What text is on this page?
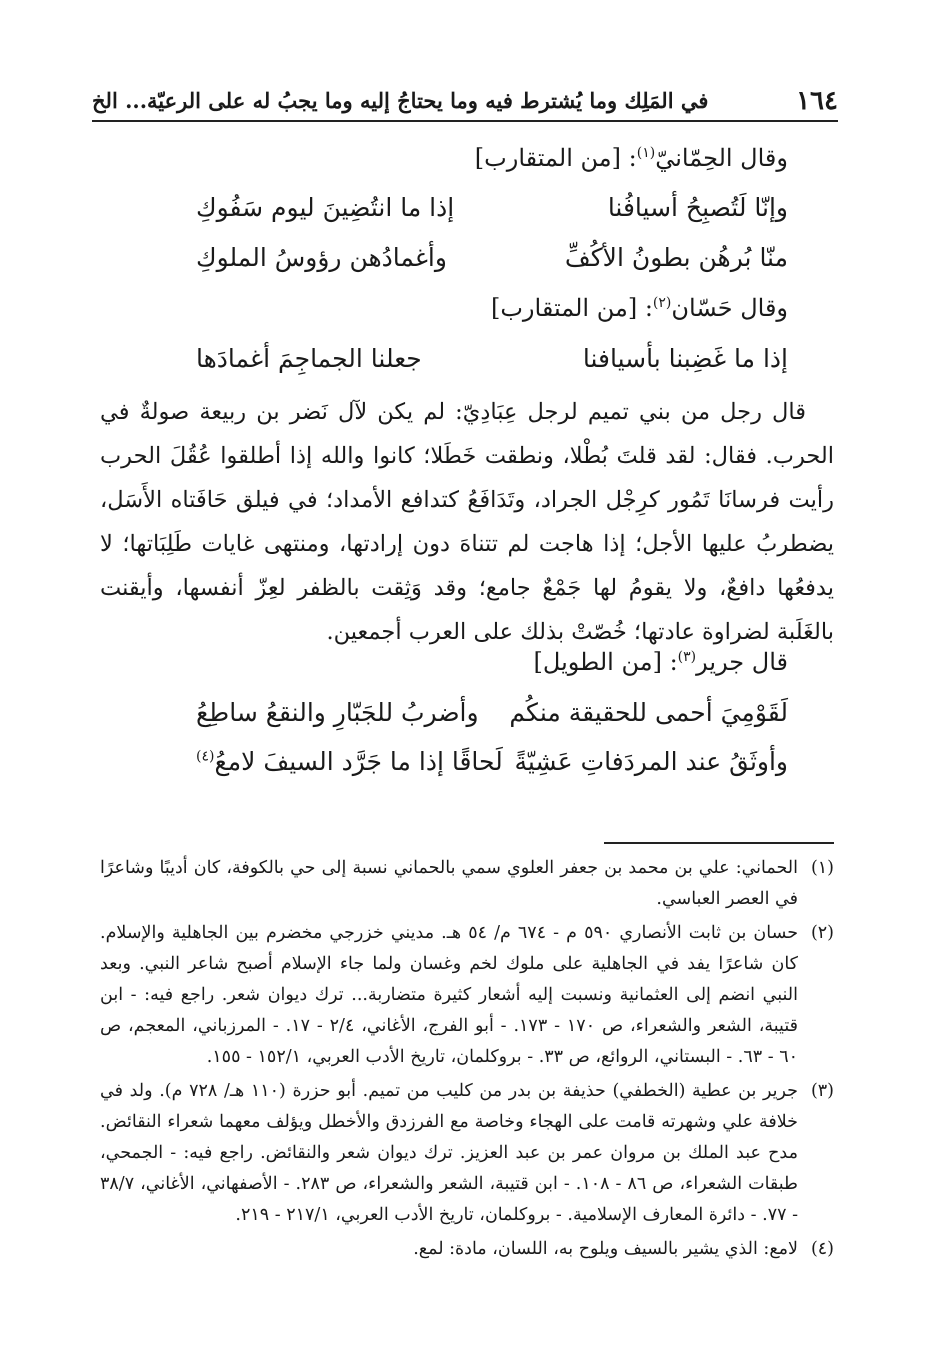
١٦٤
في المَلِك وما يُشترط فيه وما يحتاجُ إليه وما يجبُ له على الرعيّة... الخ
وقال الحِمّانيّ$^{(١)}$: [من المتقارب]
وإنّا لَتُصبِحُ أسيافُنا
إذا ما انتُضِينَ ليوم سَفُوكِ
منّا بُرهُن بطونُ الأكُفِّ
وأغمادُهن رؤوسُ الملوكِ
وقال حَسّان$^{(٢)}$: [من المتقارب]
إذا ما غَضِبنا بأسيافنا
جعلنا الجماجِمَ أغمادَها

قال رجل من بني تميم لرجل عِبَادِيّ: لم يكن لآل نَضر بن ربيعة صولةٌ في الحرب. فقال: لقد قلتَ بُطْلا، ونطقت خَطَلا؛ كانوا والله إذا أطلقوا عُقُلَ الحرب رأيت فرسانَا تَمُور كرِجْل الجراد، وتَدَافَعُ كتدافع الأمداد؛ في فيلق حَافَتاه الأَسَل، يضطربُ عليها الأجل؛ إذا هاجت لم تتناهَ دون إرادتها، ومنتهى غايات طَلِبَاتها؛ لا يدفعُها دافعٌ، ولا يقومُ لها جَمْعٌ جامع؛ وقد وَثِقت بالظفر لعِزّ أنفسها، وأيقنت بالغَلَبة لضراوة عادتها؛ خُصّتْ بذلك على العرب أجمعين.

قال جرير$^{(٣)}$: [من الطويل]
لَقَوْمِيَ أحمى للحقيقة منكُم
وأضربُ للجَبّارِ والنقعُ ساطِعُ
وأوثَقُ عند المردَفاتِ عَشِيّةً
لَحاقًا إذا ما جَرَّد السيفَ لامعُ$^{(٤)}$

(١)
الحماني: علي بن محمد بن جعفر العلوي سمي بالحماني نسبة إلى حي بالكوفة، كان أديبًا وشاعرًا في العصر العباسي.

(٢)
حسان بن ثابت الأنصاري ٥٩٠ م - ٦٧٤ م/ ٥٤ هـ. مديني خزرجي مخضرم بين الجاهلية والإسلام. كان شاعرًا يفد في الجاهلية على ملوك لخم وغسان ولما جاء الإسلام أصبح شاعر النبي. وبعد النبي انضم إلى العثمانية ونسبت إليه أشعار كثيرة متضاربة... ترك ديوان شعر. راجع فيه: - ابن قتيبة، الشعر والشعراء، ص ١٧٠ - ١٧٣. - أبو الفرج، الأغاني، ٢/٤ - ١٧. - المرزباني، المعجم، ص ٦٠ - ٦٣. - البستاني، الروائع، ص ٣٣. - بروكلمان، تاريخ الأدب العربي، ١٥٢/١ - ١٥٥.

(٣)
جرير بن عطية (الخطفي) حذيفة بن بدر من كليب من تميم. أبو حزرة (١١٠ هـ/ ٧٢٨ م). ولد في خلافة علي وشهرته قامت على الهجاء وخاصة مع الفرزدق والأخطل ويؤلف معهما شعراء النقائض. مدح عبد الملك بن مروان عمر بن عبد العزيز. ترك ديوان شعر والنقائض. راجع فيه: - الجمحي، طبقات الشعراء، ص ٨٦ - ١٠٨. - ابن قتيبة، الشعر والشعراء، ص ٢٨٣. - الأصفهاني، الأغاني، ٣٨/٧ - ٧٧. - دائرة المعارف الإسلامية. - بروكلمان، تاريخ الأدب العربي، ٢١٧/١ - ٢١٩.

(٤)
لامع: الذي يشير بالسيف ويلوح به، اللسان، مادة: لمع.
